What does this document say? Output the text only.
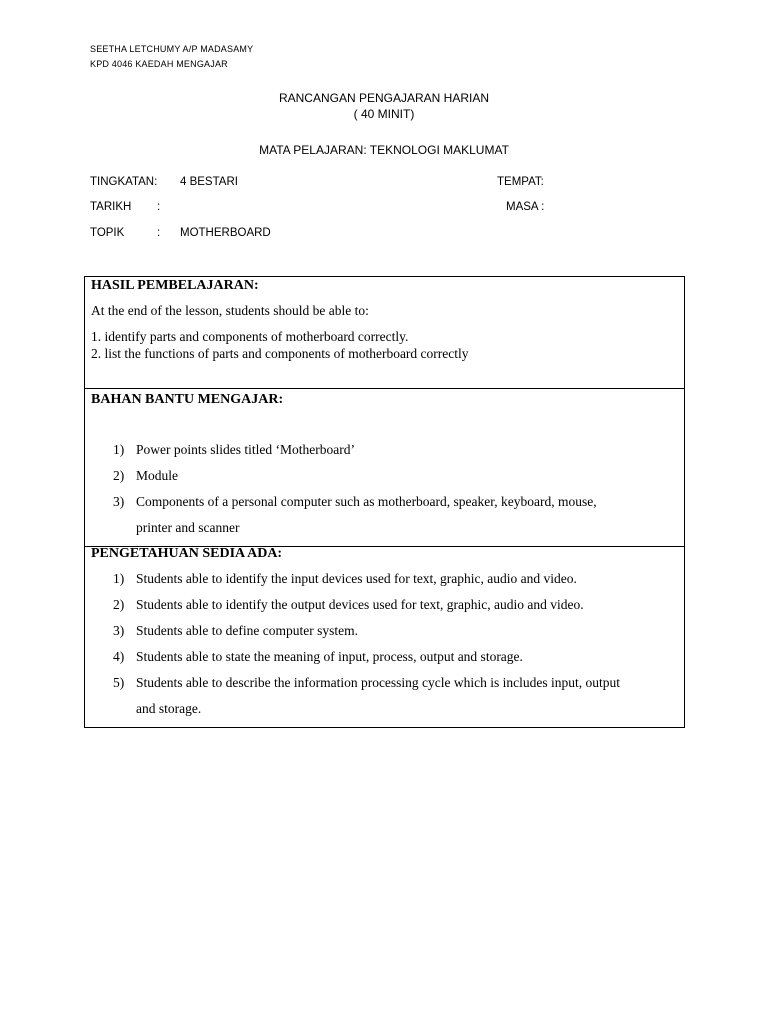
SEETHA LETCHUMY A/P MADASAMY
KPD 4046 KAEDAH MENGAJAR
RANCANGAN PENGAJARAN HARIAN
( 40 MINIT)
MATA PELAJARAN: TEKNOLOGI MAKLUMAT
TINGKATAN: 4 BESTARI	TEMPAT:
TARIKH :	MASA :
TOPIK	: MOTHERBOARD
HASIL PEMBELAJARAN:
At the end of the lesson, students should be able to:
1. identify parts and components of motherboard correctly.
2. list the functions of parts and components of motherboard correctly
BAHAN BANTU MENGAJAR:
1) Power points slides titled ‘Motherboard’
2) Module
3) Components of a personal computer such as motherboard, speaker, keyboard, mouse,
printer and scanner
PENGETAHUAN SEDIA ADA:
1) Students able to identify the input devices used for text, graphic, audio and video.
2) Students able to identify the output devices used for text, graphic, audio and video.
3) Students able to define computer system.
4) Students able to state the meaning of input, process, output and storage.
5) Students able to describe the information processing cycle which is includes input, output
and storage.
